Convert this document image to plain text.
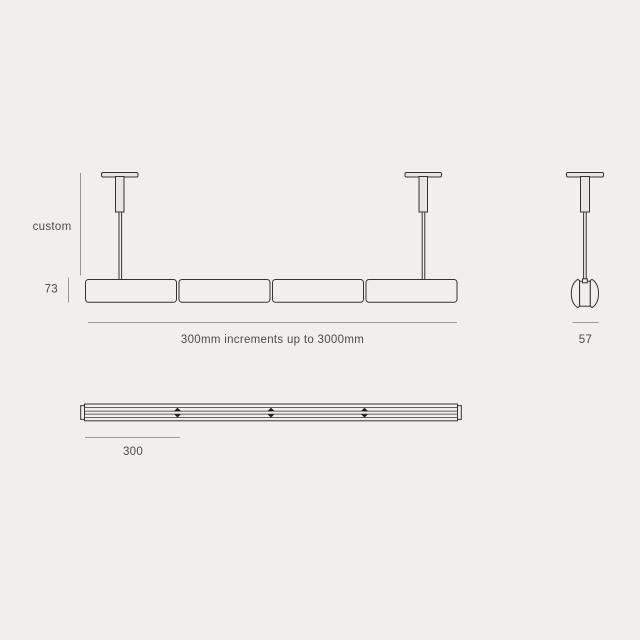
custom
73
300mm increments up to 3000mm	57
300
